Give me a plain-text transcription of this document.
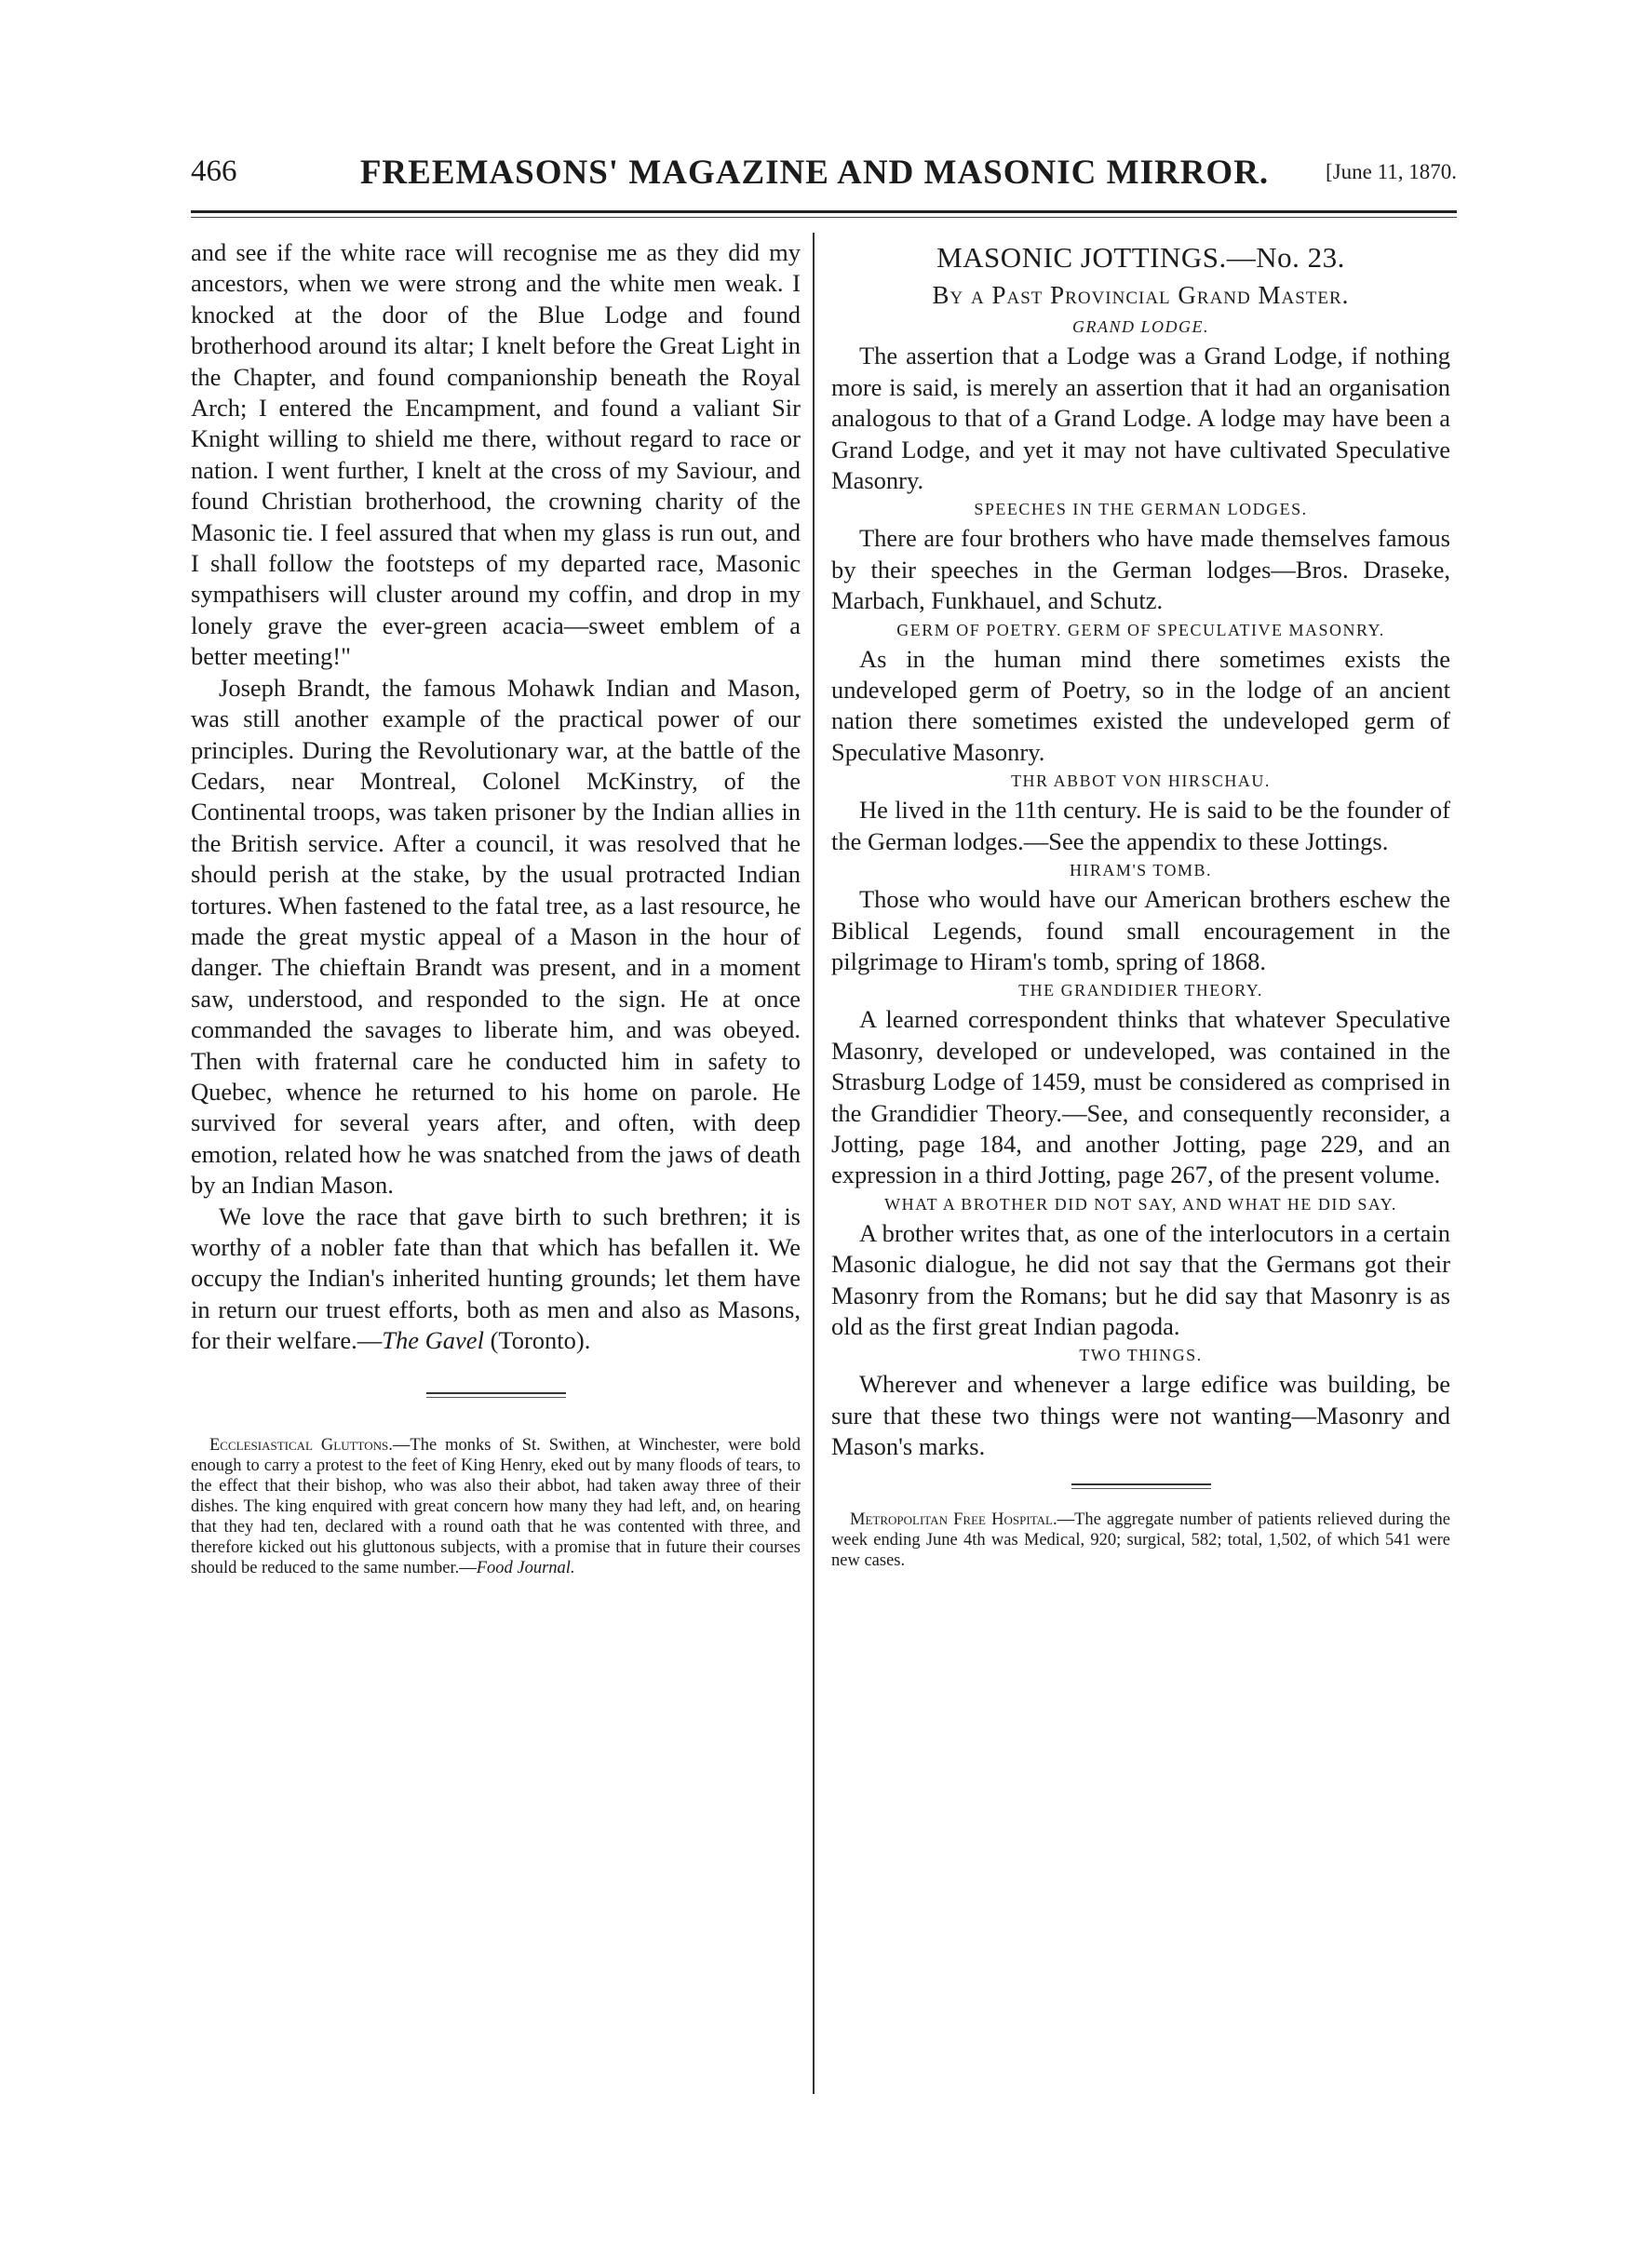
466	FREEMASONS' MAGAZINE AND MASONIC MIRROR.	[June 11, 1870.

and see if the white race will recognise me as they did my ancestors, when we were strong and the white men weak. I knocked at the door of the Blue Lodge and found brotherhood around its altar; I knelt before the Great Light in the Chapter, and found companionship beneath the Royal Arch; I entered the Encampment, and found a valiant Sir Knight willing to shield me there, without regard to race or nation. I went further, I knelt at the cross of my Saviour, and found Christian brotherhood, the crowning charity of the Masonic tie. I feel assured that when my glass is run out, and I shall follow the footsteps of my departed race, Masonic sympathisers will cluster around my coffin, and drop in my lonely grave the ever-green acacia—sweet emblem of a better meeting!"

Joseph Brandt, the famous Mohawk Indian and Mason, was still another example of the practical power of our principles. During the Revolutionary war, at the battle of the Cedars, near Montreal, Colonel McKinstry, of the Continental troops, was taken prisoner by the Indian allies in the British service. After a council, it was resolved that he should perish at the stake, by the usual protracted Indian tortures. When fastened to the fatal tree, as a last resource, he made the great mystic appeal of a Mason in the hour of danger. The chieftain Brandt was present, and in a moment saw, understood, and responded to the sign. He at once commanded the savages to liberate him, and was obeyed. Then with fraternal care he conducted him in safety to Quebec, whence he returned to his home on parole. He survived for several years after, and often, with deep emotion, related how he was snatched from the jaws of death by an Indian Mason.

We love the race that gave birth to such brethren; it is worthy of a nobler fate than that which has befallen it. We occupy the Indian's inherited hunting grounds; let them have in return our truest efforts, both as men and also as Masons, for their welfare.—The Gavel (Toronto).

Ecclesiastical Gluttons.—The monks of St. Swithen, at Winchester, were bold enough to carry a protest to the feet of King Henry, eked out by many floods of tears, to the effect that their bishop, who was also their abbot, had taken away three of their dishes. The king enquired with great concern how many they had left, and, on hearing that they had ten, declared with a round oath that he was contented with three, and therefore kicked out his gluttonous subjects, with a promise that in future their courses should be reduced to the same number.—Food Journal.

MASONIC JOTTINGS.—No. 23.
By a Past Provincial Grand Master.
GRAND LODGE.

The assertion that a Lodge was a Grand Lodge, if nothing more is said, is merely an assertion that it had an organisation analogous to that of a Grand Lodge. A lodge may have been a Grand Lodge, and yet it may not have cultivated Speculative Masonry.

SPEECHES IN THE GERMAN LODGES.

There are four brothers who have made themselves famous by their speeches in the German lodges—Bros. Draseke, Marbach, Funkhauel, and Schutz.

GERM OF POETRY. GERM OF SPECULATIVE MASONRY.

As in the human mind there sometimes exists the undeveloped germ of Poetry, so in the lodge of an ancient nation there sometimes existed the undeveloped germ of Speculative Masonry.

THR ABBOT VON HIRSCHAU.

He lived in the 11th century. He is said to be the founder of the German lodges.—See the appendix to these Jottings.

HIRAM'S TOMB.

Those who would have our American brothers eschew the Biblical Legends, found small encouragement in the pilgrimage to Hiram's tomb, spring of 1868.

THE GRANDIDIER THEORY.

A learned correspondent thinks that whatever Speculative Masonry, developed or undeveloped, was contained in the Strasburg Lodge of 1459, must be considered as comprised in the Grandidier Theory.—See, and consequently reconsider, a Jotting, page 184, and another Jotting, page 229, and an expression in a third Jotting, page 267, of the present volume.

WHAT A BROTHER DID NOT SAY, AND WHAT HE DID SAY.

A brother writes that, as one of the interlocutors in a certain Masonic dialogue, he did not say that the Germans got their Masonry from the Romans; but he did say that Masonry is as old as the first great Indian pagoda.

TWO THINGS.

Wherever and whenever a large edifice was building, be sure that these two things were not wanting—Masonry and Mason's marks.

Metropolitan Free Hospital.—The aggregate number of patients relieved during the week ending June 4th was Medical, 920; surgical, 582; total, 1,502, of which 541 were new cases.
